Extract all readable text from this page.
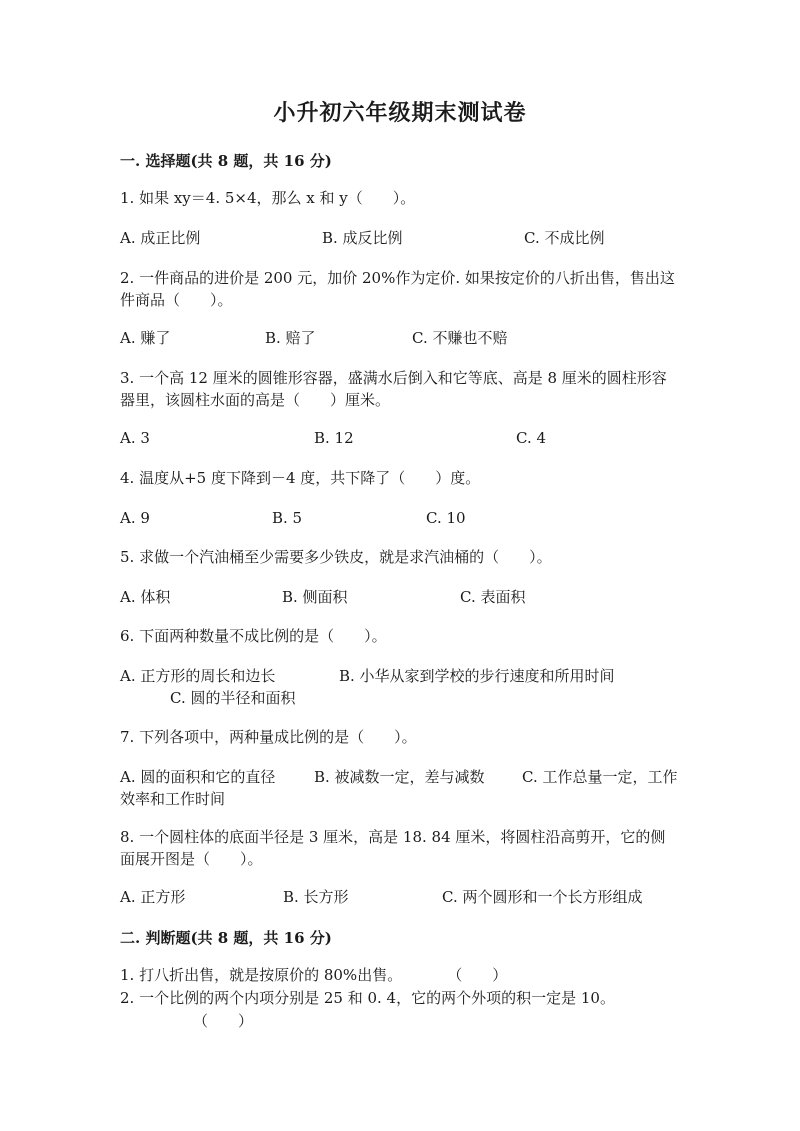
小升初六年级期末测试卷
一. 选择题(共 8 题，共 16 分)
1. 如果 xy＝4. 5×4，那么 x 和 y（　　）。
A. 成正比例	B. 成反比例	C. 不成比例
2. 一件商品的进价是 200 元，加价 20%作为定价. 如果按定价的八折出售，售出这件商品（　　）。
A. 赚了	B. 赔了	C. 不赚也不赔
3. 一个高 12 厘米的圆锥形容器，盛满水后倒入和它等底、高是 8 厘米的圆柱形容器里，该圆柱水面的高是（　　）厘米。
A. 3	B. 12	C. 4
4. 温度从+5 度下降到－4 度，共下降了（　　）度。
A. 9	B. 5	C. 10
5. 求做一个汽油桶至少需要多少铁皮，就是求汽油桶的（　　）。
A. 体积	B. 侧面积	C. 表面积
6. 下面两种数量不成比例的是（　　）。
A. 正方形的周长和边长	B. 小华从家到学校的步行速度和所用时间
C. 圆的半径和面积
7. 下列各项中，两种量成比例的是（　　）。
A. 圆的面积和它的直径	B. 被减数一定，差与减数	C. 工作总量一定，工作效率和工作时间
8. 一个圆柱体的底面半径是 3 厘米，高是 18. 84 厘米，将圆柱沿高剪开，它的侧面展开图是（　　）。
A. 正方形	B. 长方形	C. 两个圆形和一个长方形组成
二. 判断题(共 8 题，共 16 分)
1. 打八折出售，就是按原价的 80%出售。　　　　（　　）
2. 一个比例的两个内项分别是 25 和 0. 4，它的两个外项的积一定是 10。
（　　）
